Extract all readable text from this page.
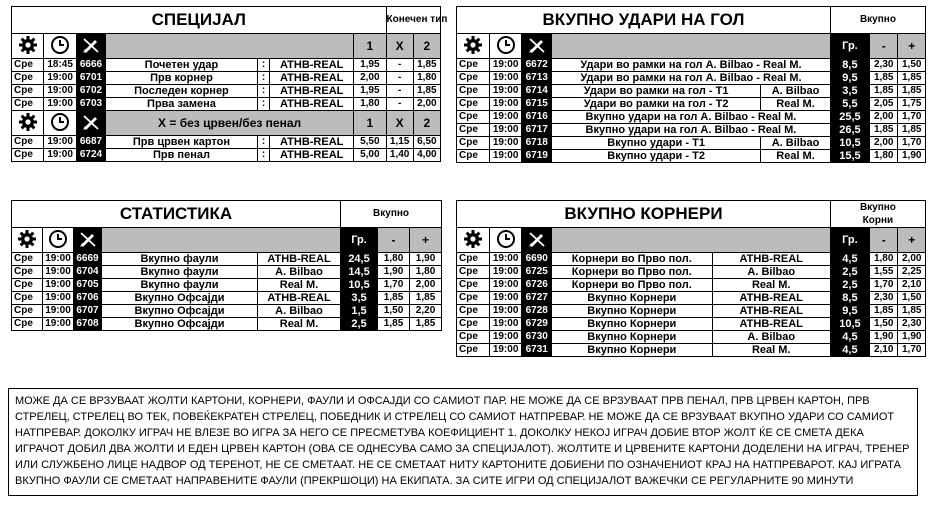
СПЕЦИЈАЛ							Конечен тип	
				1	X	2
Сре	18:45	6666	Почетен удар	:	ATHB-REAL	1,95	-	1,85
Сре	19:00	6701	Прв корнер	:	ATHB-REAL	2,00	-	1,80
Сре	19:00	6702	Последен корнер	:	ATHB-REAL	1,95	-	1,85
Сре	19:00	6703	Прва замена	:	ATHB-REAL	1,80	-	2,00
			X = без црвен/без пенал			1	X	2
Сре	19:00	6687	Прв црвен картон	:	ATHB-REAL	5,50	1,15	6,50
Сре	19:00	6724	Прв пенал	:	ATHB-REAL	5,00	1,40	4,00
ВКУПНО УДАРИ НА ГОЛ					Вкупно		
				Гр.	-	+
Сре	19:00	6672	Удари во рамки на гол A. Bilbao - Real M.		8,5	2,30	1,50
Сре	19:00	6713	Удари во рамки на гол A. Bilbao - Real M.		9,5	1,85	1,85
Сре	19:00	6714	Удари во рамки на гол - Т1	A. Bilbao	3,5	1,85	1,85
Сре	19:00	6715	Удари во рамки на гол - Т2	Real M.	5,5	2,05	1,75
Сре	19:00	6716	Вкупно удари на гол A. Bilbao - Real M.		25,5	2,00	1,70
Сре	19:00	6717	Вкупно удари на гол A. Bilbao - Real M.		26,5	1,85	1,85
Сре	19:00	6718	Вкупно удари - Т1	A. Bilbao	10,5	2,00	1,70
Сре	19:00	6719	Вкупно удари - Т2	Real M.	15,5	1,80	1,90
СТАТИСТИКА					Вкупно		
				Гр.	-	+
Сре	19:00	6669	Вкупно фаули	ATHB-REAL	24,5	1,80	1,90
Сре	19:00	6704	Вкупно фаули	A. Bilbao	14,5	1,90	1,80
Сре	19:00	6705	Вкупно фаули	Real M.	10,5	1,70	2,00
Сре	19:00	6706	Вкупно Офсајди	ATHB-REAL	3,5	1,85	1,85
Сре	19:00	6707	Вкупно Офсајди	A. Bilbao	1,5	1,50	2,20
Сре	19:00	6708	Вкупно Офсајди	Real M.	2,5	1,85	1,85
ВКУПНО КОРНЕРИ					Вкупно
Корни		
				Гр.	-	+
Сре	19:00	6690	Корнери во Прво пол.	ATHB-REAL	4,5	1,80	2,00
Сре	19:00	6725	Корнери во Прво пол.	A. Bilbao	2,5	1,55	2,25
Сре	19:00	6726	Корнери во Прво пол.	Real M.	2,5	1,70	2,10
Сре	19:00	6727	Вкупно Корнери	ATHB-REAL	8,5	2,30	1,50
Сре	19:00	6728	Вкупно Корнери	ATHB-REAL	9,5	1,85	1,85
Сре	19:00	6729	Вкупно Корнери	ATHB-REAL	10,5	1,50	2,30
Сре	19:00	6730	Вкупно Корнери	A. Bilbao	4,5	1,90	1,90
Сре	19:00	6731	Вкупно Корнери	Real M.	4,5	2,10	1,70
МОЖЕ ДА СЕ ВРЗУВААТ ЖОЛТИ КАРТОНИ, КОРНЕРИ, ФАУЛИ И ОФСАЈДИ СО САМИОТ ПАР. НЕ МОЖЕ ДА СЕ ВРЗУВААТ ПРВ ПЕНАЛ, ПРВ ЦРВЕН КАРТОН, ПРВ СТРЕЛЕЦ, СТРЕЛЕЦ ВО ТЕК, ПОВЕЌЕКРАТЕН СТРЕЛЕЦ, ПОБЕДНИК И СТРЕЛЕЦ СО САМИОТ НАТПРЕВАР. НЕ МОЖЕ ДА СЕ ВРЗУВААТ ВКУПНО УДАРИ СО САМИОТ НАТПРЕВАР. ДОКОЛКУ ИГРАЧ НЕ ВЛЕЗЕ ВО ИГРА ЗА НЕГО СЕ ПРЕСМЕТУВА КОЕФИЦИЕНТ 1. ДОКОЛКУ НЕКОЈ ИГРАЧ ДОБИЕ ВТОР ЖОЛТ ЌЕ СЕ СМЕТА ДЕКА ИГРАЧОТ ДОБИЛ ДВА ЖОЛТИ И ЕДЕН ЦРВЕН КАРТОН (ОВА СЕ ОДНЕСУВА САМО ЗА СПЕЦИЈАЛОТ). ЖОЛТИТЕ И ЦРВЕНИТЕ КАРТОНИ ДОДЕЛЕНИ НА ИГРАЧ, ТРЕНЕР ИЛИ СЛУЖБЕНО ЛИЦЕ НАДВОР ОД ТЕРЕНОТ, НЕ СЕ СМЕТААТ. НЕ СЕ СМЕТААТ НИТУ КАРТОНИТЕ ДОБИЕНИ ПО ОЗНАЧЕНИОТ КРАЈ НА НАТПРЕВАРОТ. КАЈ ИГРАТА ВКУПНО ФАУЛИ СЕ СМЕТААТ НАПРАВЕНИТЕ ФАУЛИ (ПРЕКРШОЦИ) НА ЕКИПАТА. ЗА СИТЕ ИГРИ ОД СПЕЦИЈАЛОТ ВАЖЕЧКИ СЕ РЕГУЛАРНИТЕ 90 МИНУТИ
